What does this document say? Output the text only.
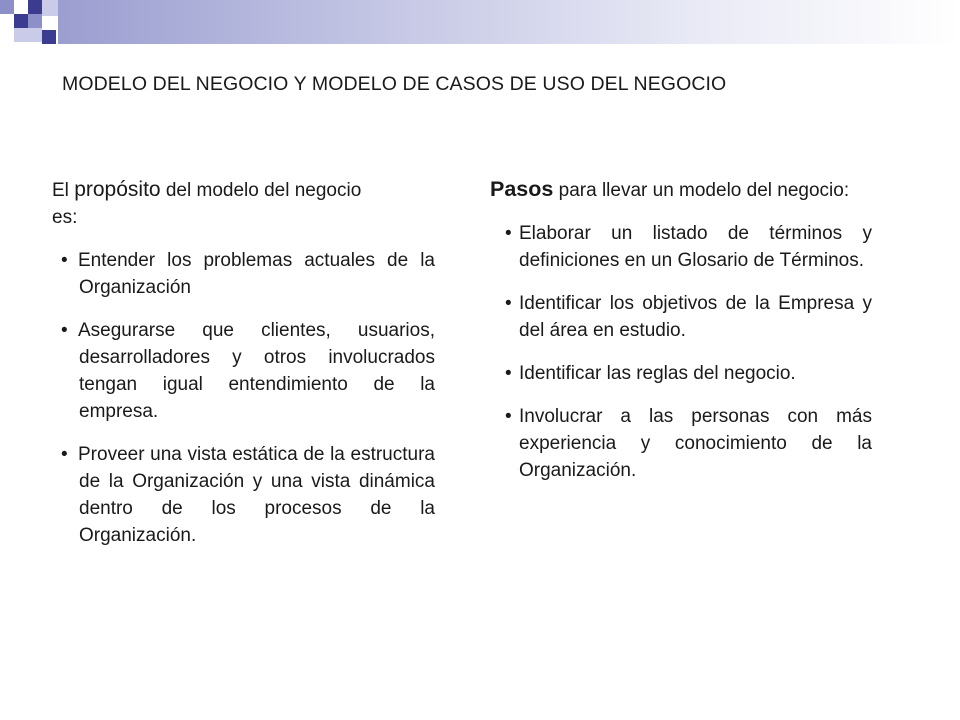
MODELO DEL NEGOCIO Y MODELO DE CASOS DE USO DEL NEGOCIO

El propósito del modelo del negocio es:

• Entender los problemas actuales de la Organización
• Asegurarse que clientes, usuarios, desarrolladores y otros involucrados tengan igual entendimiento de la empresa.
• Proveer una vista estática de la estructura de la Organización y una vista dinámica dentro de los procesos de la Organización.

Pasos para llevar un modelo del negocio:

• Elaborar un listado de términos y definiciones en un Glosario de Términos.
• Identificar los objetivos de la Empresa y del área en estudio.
• Identificar las reglas del negocio.
• Involucrar a las personas con más experiencia y conocimiento de la Organización.
